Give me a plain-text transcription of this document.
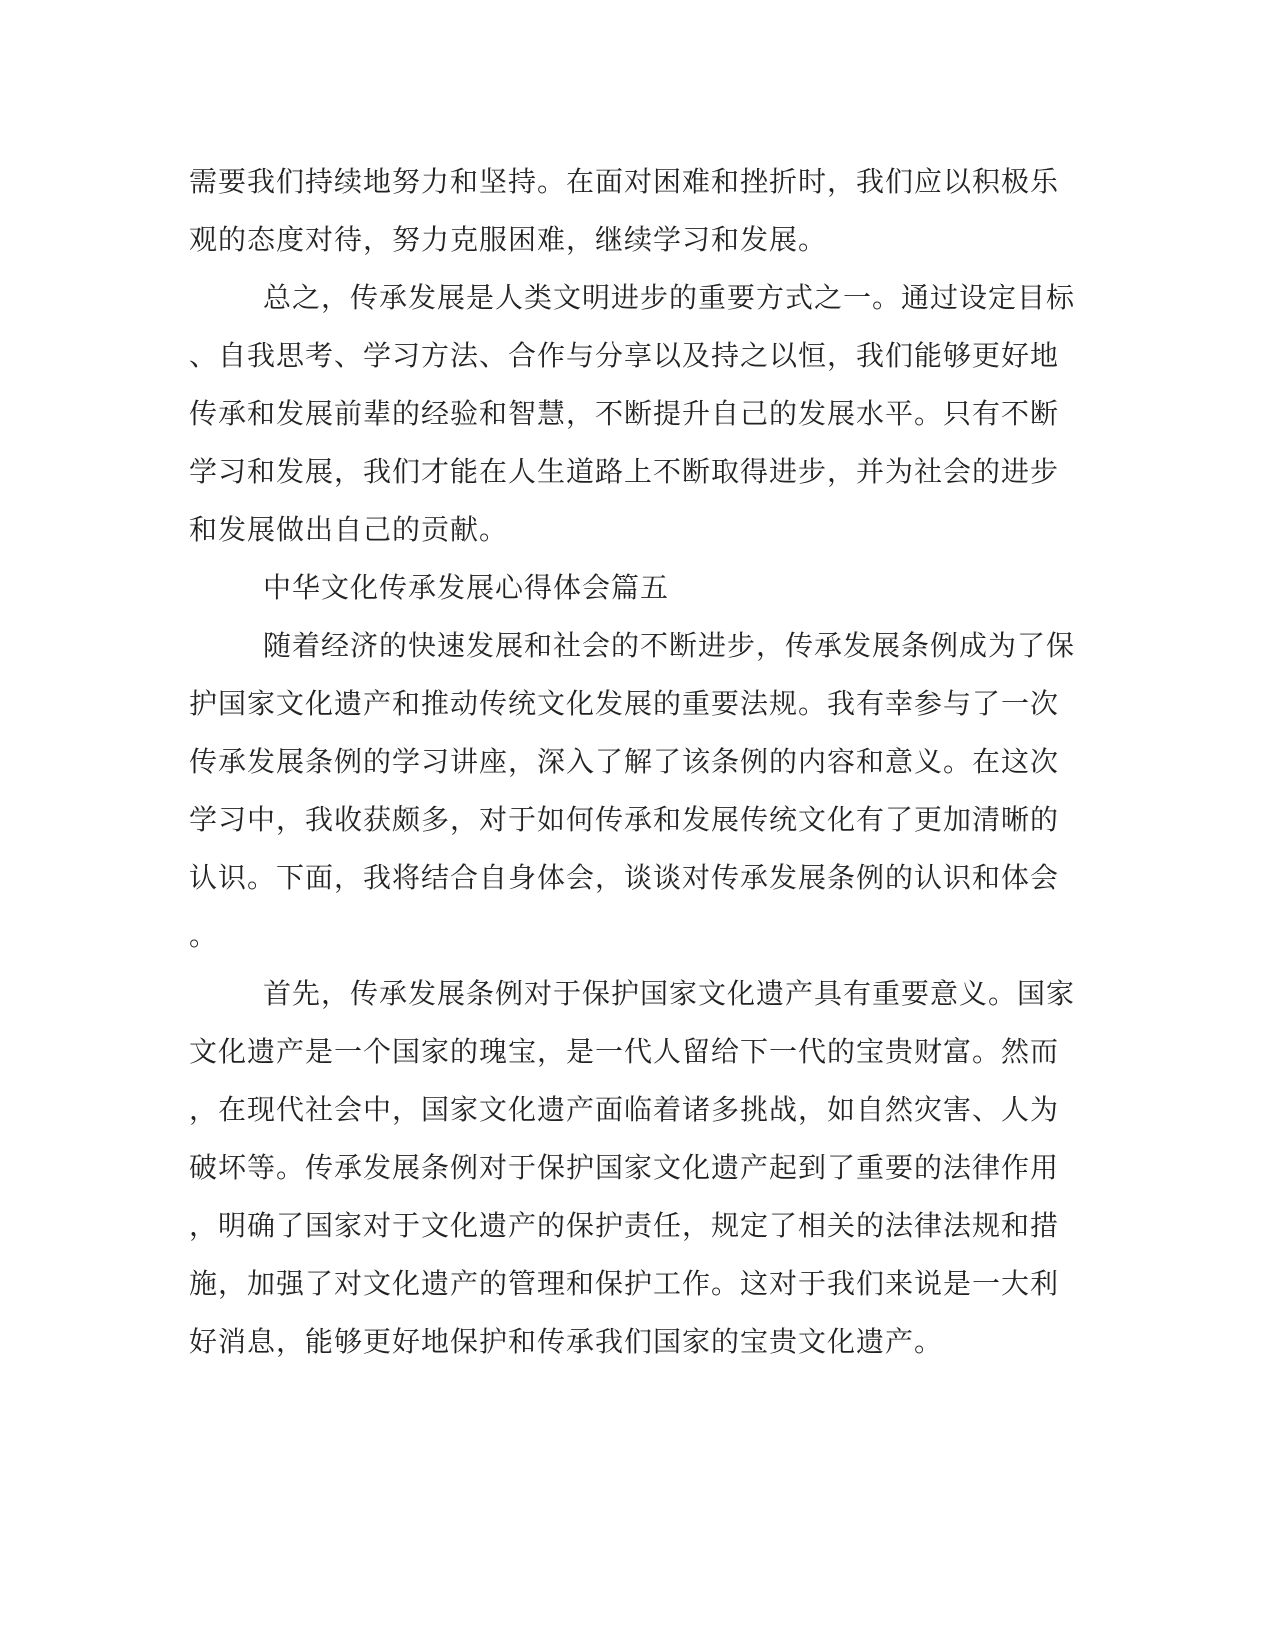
需要我们持续地努力和坚持。在面对困难和挫折时，我们应以积极乐
观的态度对待，努力克服困难，继续学习和发展。
总之，传承发展是人类文明进步的重要方式之一。通过设定目标
、自我思考、学习方法、合作与分享以及持之以恒，我们能够更好地
传承和发展前辈的经验和智慧，不断提升自己的发展水平。只有不断
学习和发展，我们才能在人生道路上不断取得进步，并为社会的进步
和发展做出自己的贡献。
中华文化传承发展心得体会篇五
随着经济的快速发展和社会的不断进步，传承发展条例成为了保
护国家文化遗产和推动传统文化发展的重要法规。我有幸参与了一次
传承发展条例的学习讲座，深入了解了该条例的内容和意义。在这次
学习中，我收获颇多，对于如何传承和发展传统文化有了更加清晰的
认识。下面，我将结合自身体会，谈谈对传承发展条例的认识和体会
。
首先，传承发展条例对于保护国家文化遗产具有重要意义。国家
文化遗产是一个国家的瑰宝，是一代人留给下一代的宝贵财富。然而
，在现代社会中，国家文化遗产面临着诸多挑战，如自然灾害、人为
破坏等。传承发展条例对于保护国家文化遗产起到了重要的法律作用
，明确了国家对于文化遗产的保护责任，规定了相关的法律法规和措
施，加强了对文化遗产的管理和保护工作。这对于我们来说是一大利
好消息，能够更好地保护和传承我们国家的宝贵文化遗产。
